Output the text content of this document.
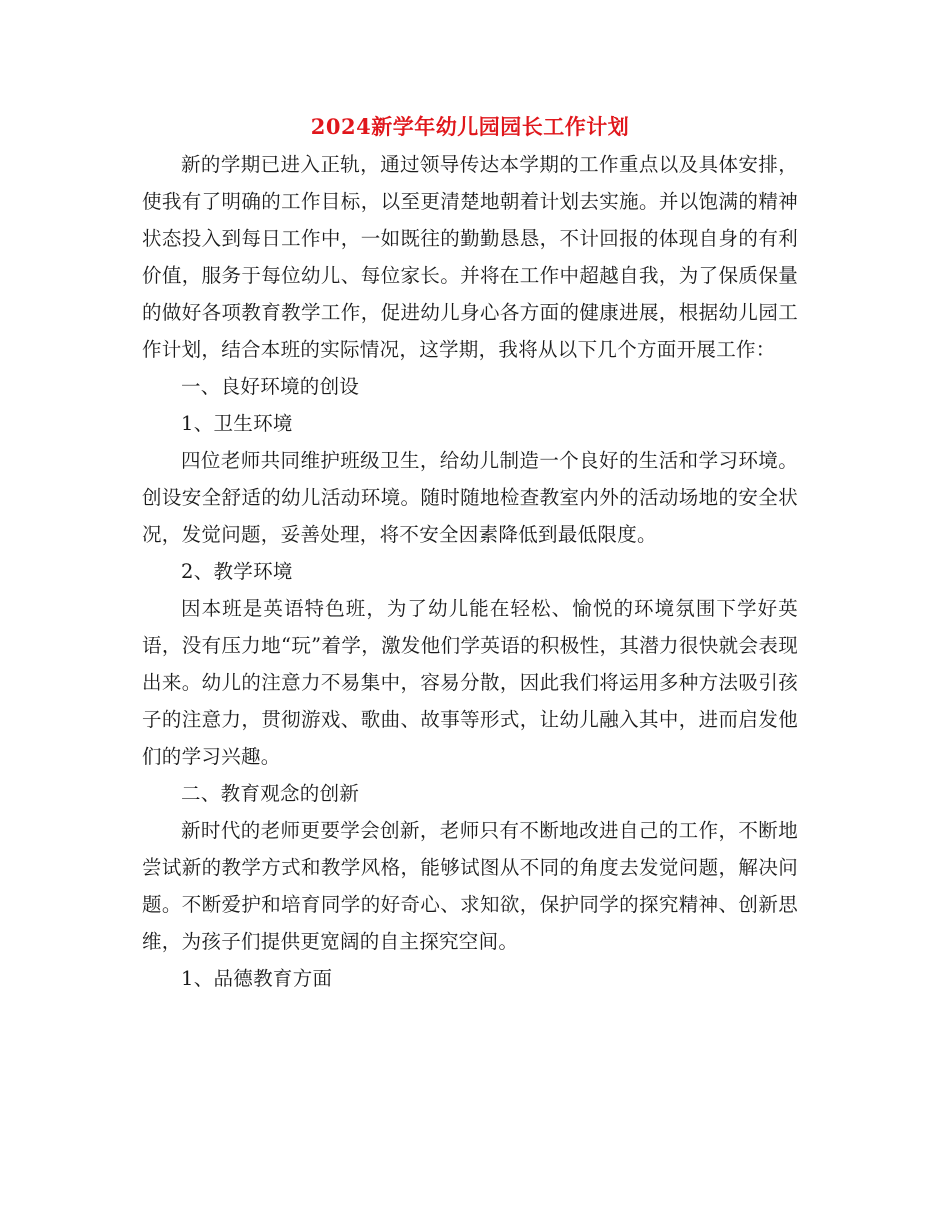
2024新学年幼儿园园长工作计划

新的学期已进入正轨，通过领导传达本学期的工作重点以及具体安排，使我有了明确的工作目标，以至更清楚地朝着计划去实施。并以饱满的精神状态投入到每日工作中，一如既往的勤勤恳恳，不计回报的体现自身的有利价值，服务于每位幼儿、每位家长。并将在工作中超越自我，为了保质保量的做好各项教育教学工作，促进幼儿身心各方面的健康进展，根据幼儿园工作计划，结合本班的实际情况，这学期，我将从以下几个方面开展工作：

一、良好环境的创设

1、卫生环境

四位老师共同维护班级卫生，给幼儿制造一个良好的生活和学习环境。创设安全舒适的幼儿活动环境。随时随地检查教室内外的活动场地的安全状况，发觉问题，妥善处理，将不安全因素降低到最低限度。

2、教学环境

因本班是英语特色班，为了幼儿能在轻松、愉悦的环境氛围下学好英语，没有压力地“玩”着学，激发他们学英语的积极性，其潜力很快就会表现出来。幼儿的注意力不易集中，容易分散，因此我们将运用多种方法吸引孩子的注意力，贯彻游戏、歌曲、故事等形式，让幼儿融入其中，进而启发他们的学习兴趣。

二、教育观念的创新

新时代的老师更要学会创新，老师只有不断地改进自己的工作，不断地尝试新的教学方式和教学风格，能够试图从不同的角度去发觉问题，解决问题。不断爱护和培育同学的好奇心、求知欲，保护同学的探究精神、创新思维，为孩子们提供更宽阔的自主探究空间。

1、品德教育方面
